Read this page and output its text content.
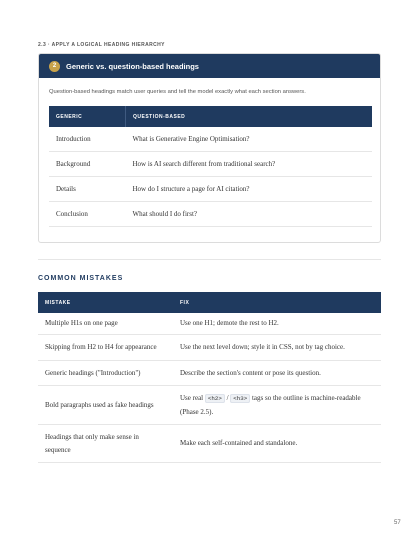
2.3 · APPLY A LOGICAL HEADING HIERARCHY
2	Generic vs. question-based headings
Question-based headings match user queries and tell the model exactly what each section answers.
GENERIC	QUESTION-BASED
Introduction	What is Generative Engine Optimisation?
Background	How is AI search different from traditional search?
Details	How do I structure a page for AI citation?
Conclusion	What should I do first?
COMMON MISTAKES
MISTAKE	FIX
Multiple H1s on one page	Use one H1; demote the rest to H2.
Skipping from H2 to H4 for appearance	Use the next level down; style it in CSS, not by tag choice.
Generic headings ("Introduction")	Describe the section's content or pose its question.
Bold paragraphs used as fake headings	Use real <h2> / <h3> tags so the outline is machine-readable (Phase 2.5).
Headings that only make sense in sequence	Make each self-contained and standalone.
57
